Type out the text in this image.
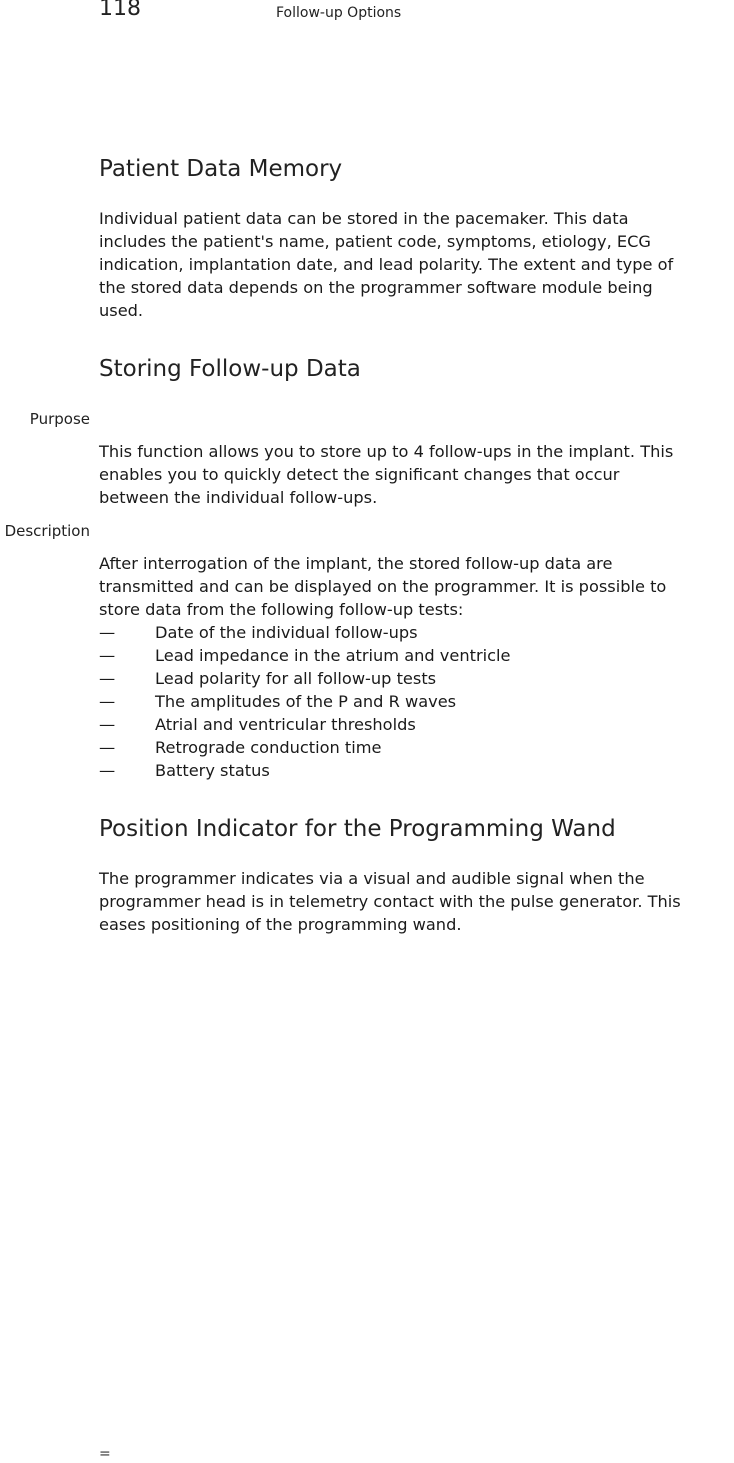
118	Follow-up Options
Patient Data Memory
Individual patient data can be stored in the pacemaker. This data
includes the patient's name, patient code, symptoms, etiology, ECG
indication, implantation date, and lead polarity. The extent and type of
the stored data depends on the programmer software module being
used.
Storing Follow-up Data
Purpose
This function allows you to store up to 4 follow-ups in the implant. This
enables you to quickly detect the significant changes that occur
between the individual follow-ups.
Description
After interrogation of the implant, the stored follow-up data are
transmitted and can be displayed on the programmer. It is possible to
store data from the following follow-up tests:
— Date of the individual follow-ups
— Lead impedance in the atrium and ventricle
— Lead polarity for all follow-up tests
— The amplitudes of the P and R waves
— Atrial and ventricular thresholds
— Retrograde conduction time
— Battery status
Position Indicator for the Programming Wand
The programmer indicates via a visual and audible signal when the
programmer head is in telemetry contact with the pulse generator. This
eases positioning of the programming wand.
=
